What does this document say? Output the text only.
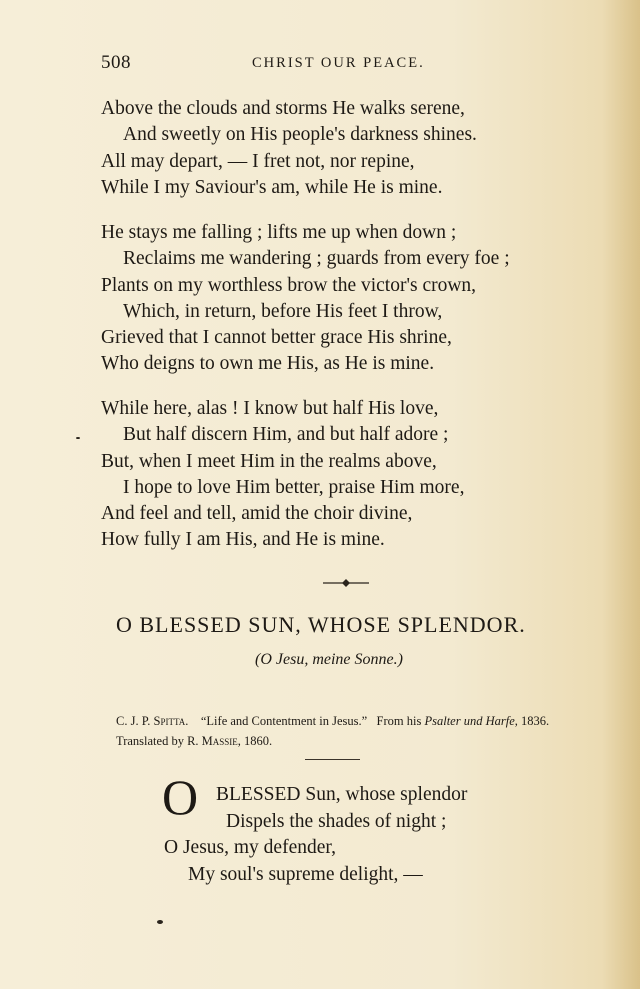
508	CHRIST OUR PEACE.
Above the clouds and storms He walks serene,
And sweetly on His people's darkness shines.
All may depart, — I fret not, nor repine,
While I my Saviour's am, while He is mine.
He stays me falling ; lifts me up when down ;
Reclaims me wandering ; guards from every foe ;
Plants on my worthless brow the victor's crown,
Which, in return, before His feet I throw,
Grieved that I cannot better grace His shrine,
Who deigns to own me His, as He is mine.
While here, alas ! I know but half His love,
But half discern Him, and but half adore ;
But, when I meet Him in the realms above,
I hope to love Him better, praise Him more,
And feel and tell, amid the choir divine,
How fully I am His, and He is mine.
O BLESSED SUN, WHOSE SPLENDOR.
(O Jesu, meine Sonne.)
C. J. P. Spitta. “Life and Contentment in Jesus.” From his Psalter und Harfe, 1836. Translated by R. Massie, 1860.
O BLESSED Sun, whose splendor
Dispels the shades of night ;
O Jesus, my defender,
My soul's supreme delight, —
